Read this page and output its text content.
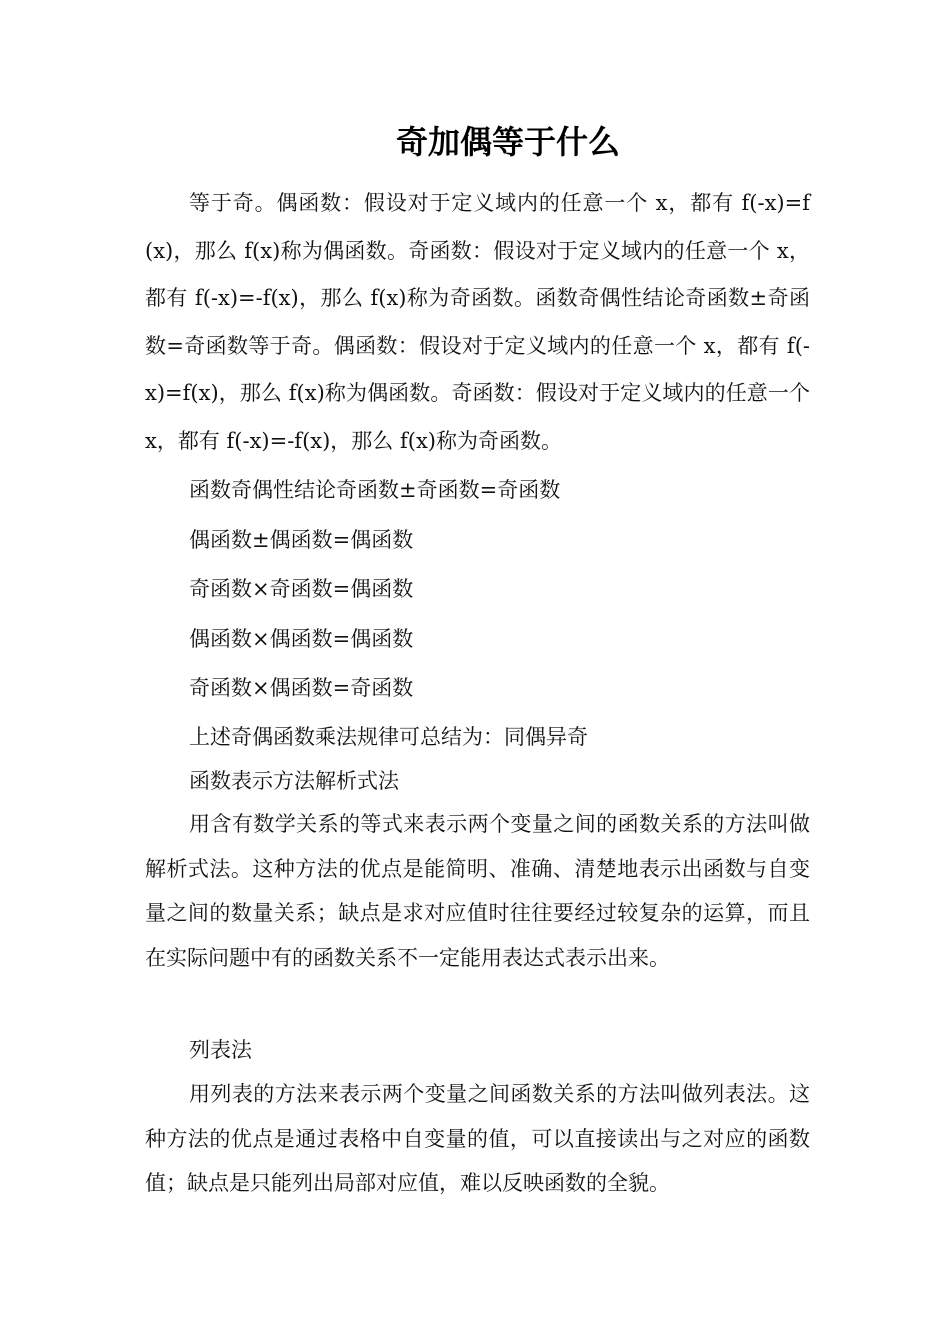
奇加偶等于什么

等于奇。偶函数：假设对于定义域内的任意一个 x，都有 f(-x)=f(x)，那么 f(x)称为偶函数。奇函数：假设对于定义域内的任意一个 x，都有 f(-x)=-f(x)，那么 f(x)称为奇函数。函数奇偶性结论奇函数±奇函数=奇函数等于奇。偶函数：假设对于定义域内的任意一个 x，都有 f(-x)=f(x)，那么 f(x)称为偶函数。奇函数：假设对于定义域内的任意一个 x，都有 f(-x)=-f(x)，那么 f(x)称为奇函数。

函数奇偶性结论奇函数±奇函数=奇函数
偶函数±偶函数=偶函数
奇函数×奇函数=偶函数
偶函数×偶函数=偶函数
奇函数×偶函数=奇函数
上述奇偶函数乘法规律可总结为：同偶异奇
函数表示方法解析式法

用含有数学关系的等式来表示两个变量之间的函数关系的方法叫做解析式法。这种方法的优点是能简明、准确、清楚地表示出函数与自变量之间的数量关系；缺点是求对应值时往往要经过较复杂的运算，而且在实际问题中有的函数关系不一定能用表达式表示出来。

列表法

用列表的方法来表示两个变量之间函数关系的方法叫做列表法。这种方法的优点是通过表格中自变量的值，可以直接读出与之对应的函数值；缺点是只能列出局部对应值，难以反映函数的全貌。
